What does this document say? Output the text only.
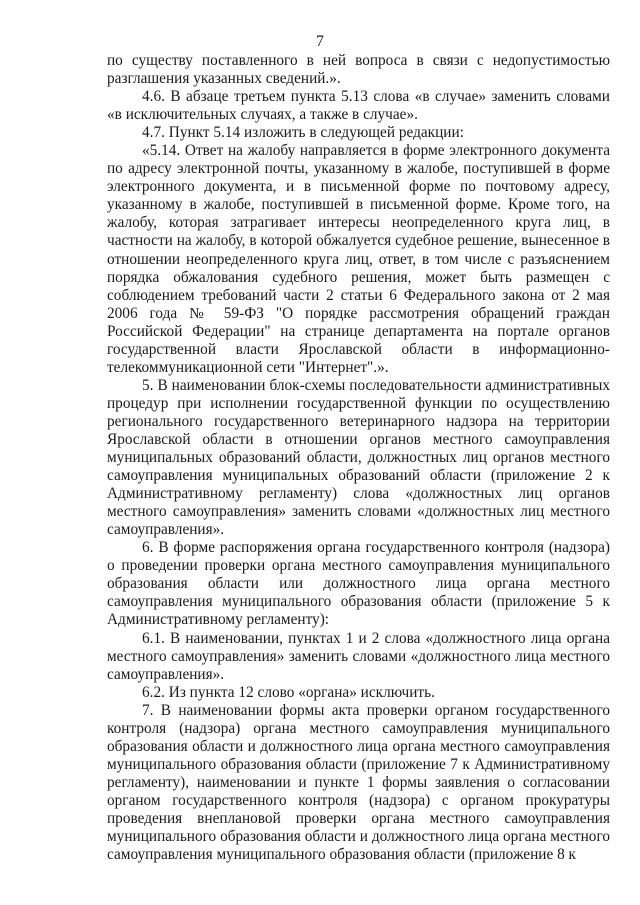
7

по существу поставленного в ней вопроса в связи с недопустимостью разглашения указанных сведений.».

4.6. В абзаце третьем пункта 5.13 слова «в случае» заменить словами «в исключительных случаях, а также в случае».

4.7. Пункт 5.14 изложить в следующей редакции:

«5.14. Ответ на жалобу направляется в форме электронного документа по адресу электронной почты, указанному в жалобе, поступившей в форме электронного документа, и в письменной форме по почтовому адресу, указанному в жалобе, поступившей в письменной форме. Кроме того, на жалобу, которая затрагивает интересы неопределенного круга лиц, в частности на жалобу, в которой обжалуется судебное решение, вынесенное в отношении неопределенного круга лиц, ответ, в том числе с разъяснением порядка обжалования судебного решения, может быть размещен с соблюдением требований части 2 статьи 6 Федерального закона от 2 мая 2006 года № 59-ФЗ "О порядке рассмотрения обращений граждан Российской Федерации" на странице департамента на портале органов государственной власти Ярославской области в информационно-телекоммуникационной сети "Интернет".».

5. В наименовании блок-схемы последовательности административных процедур при исполнении государственной функции по осуществлению регионального государственного ветеринарного надзора на территории Ярославской области в отношении органов местного самоуправления муниципальных образований области, должностных лиц органов местного самоуправления муниципальных образований области (приложение 2 к Административному регламенту) слова «должностных лиц органов местного самоуправления» заменить словами «должностных лиц местного самоуправления».

6. В форме распоряжения органа государственного контроля (надзора) о проведении проверки органа местного самоуправления муниципального образования области или должностного лица органа местного самоуправления муниципального образования области (приложение 5 к Административному регламенту):

6.1. В наименовании, пунктах 1 и 2 слова «должностного лица органа местного самоуправления» заменить словами «должностного лица местного самоуправления».

6.2. Из пункта 12 слово «органа» исключить.

7. В наименовании формы акта проверки органом государственного контроля (надзора) органа местного самоуправления муниципального образования области и должностного лица органа местного самоуправления муниципального образования области (приложение 7 к Административному регламенту), наименовании и пункте 1 формы заявления о согласовании органом государственного контроля (надзора) с органом прокуратуры проведения внеплановой проверки органа местного самоуправления муниципального образования области и должностного лица органа местного самоуправления муниципального образования области (приложение 8 к
